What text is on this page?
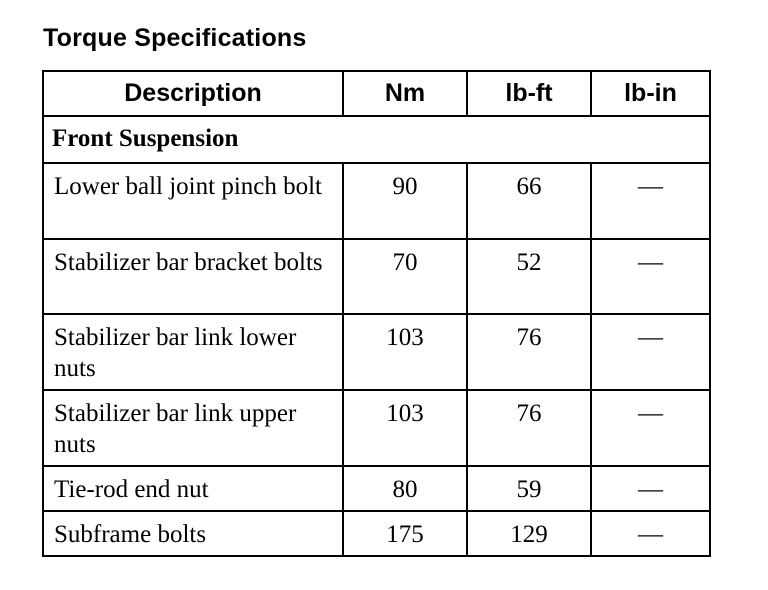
Torque Specifications
Description	Nm	lb-ft	lb-in
Front Suspension			
Lower ball joint pinch bolt	90	66	—
Stabilizer bar bracket bolts	70	52	—
Stabilizer bar link lower nuts	103	76	—
Stabilizer bar link upper nuts	103	76	—
Tie-rod end nut	80	59	—
Subframe bolts	175	129	—
